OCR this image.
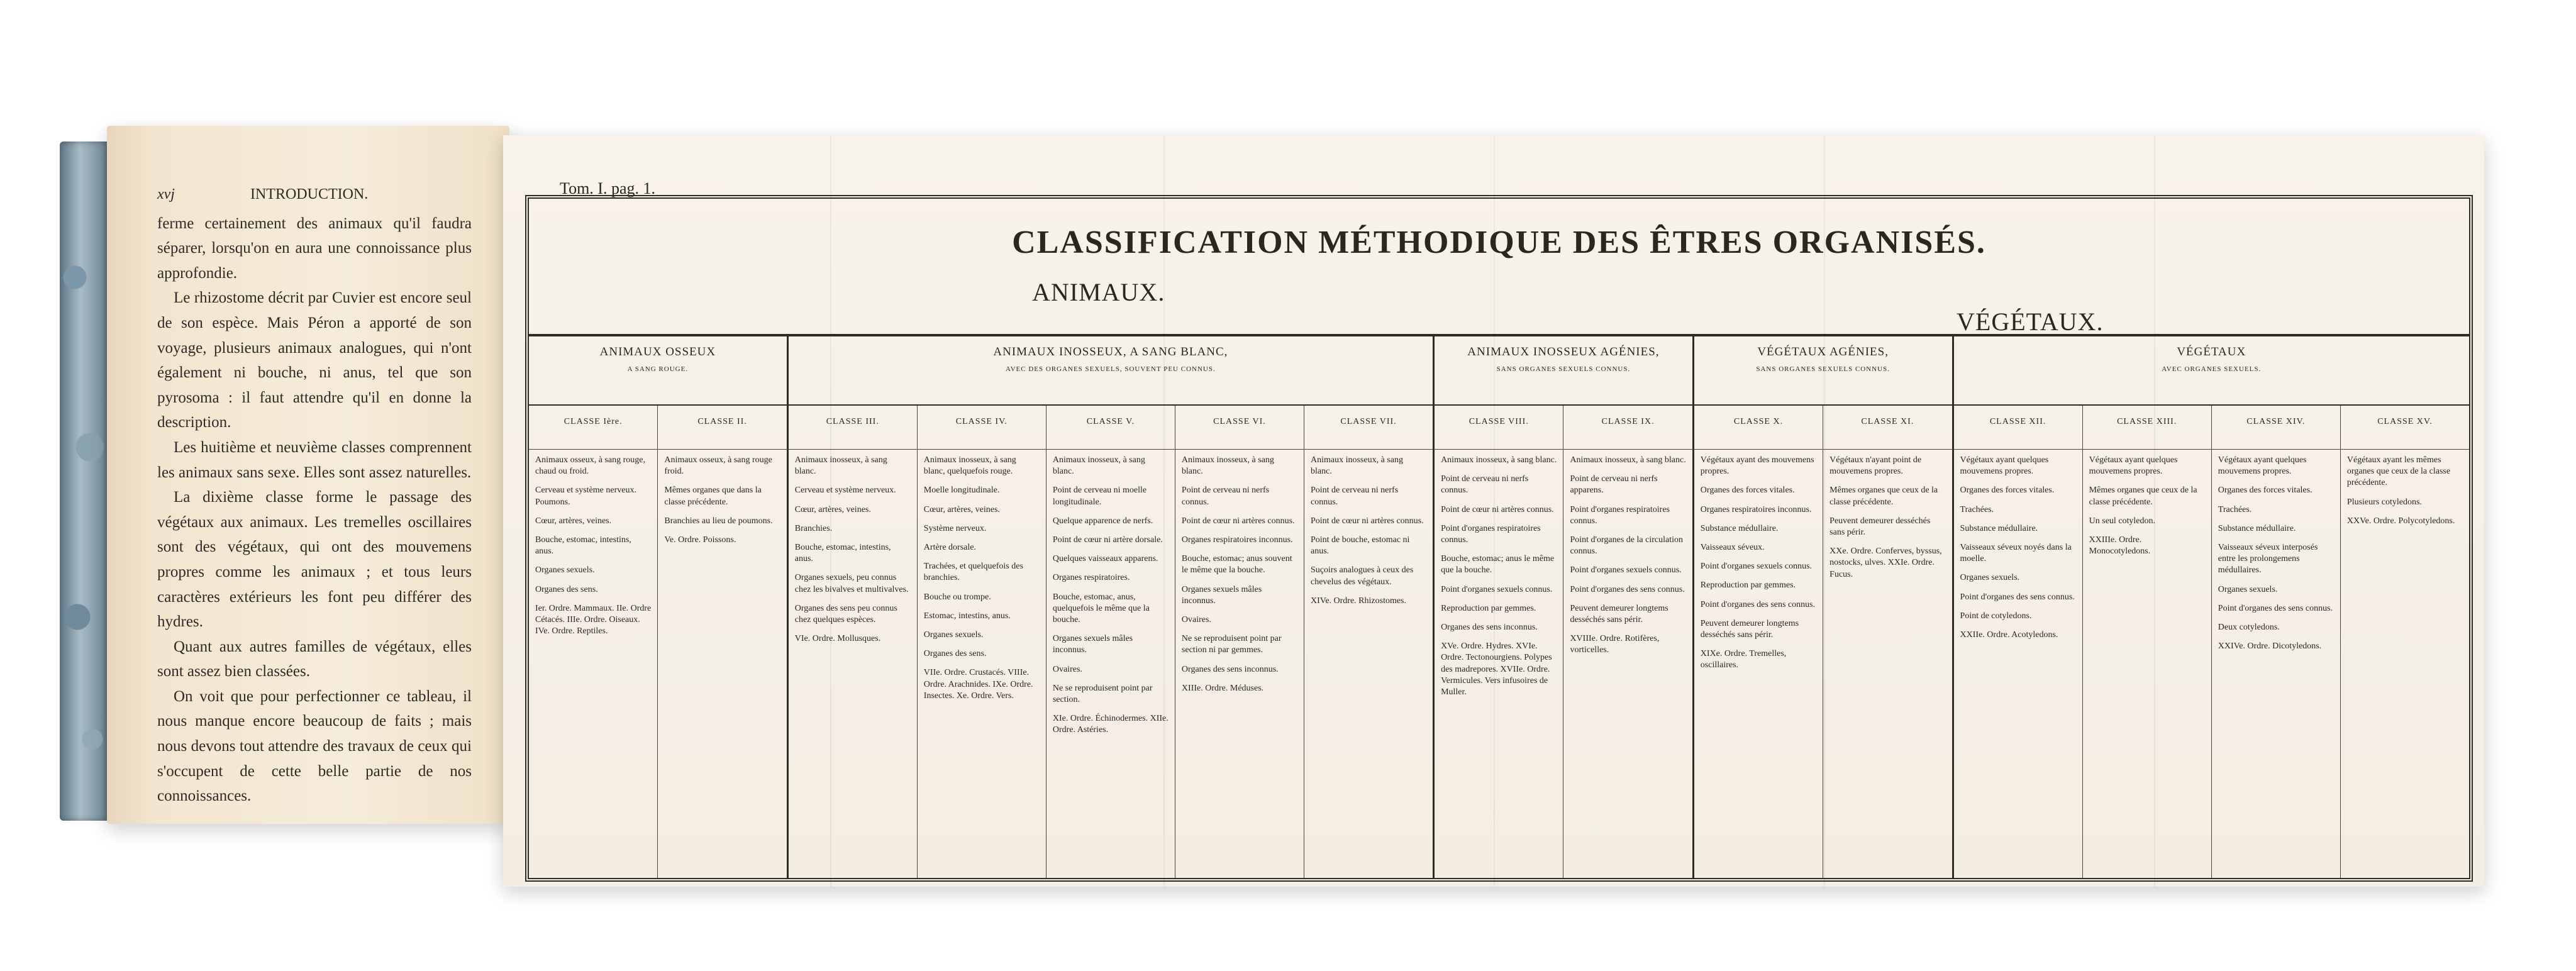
xvj	INTRODUCTION.

ferme certainement des animaux qu'il faudra séparer, lorsqu'on en aura une connoissance plus approfondie.

Le rhizostome décrit par Cuvier est encore seul de son espèce. Mais Péron a apporté de son voyage, plusieurs animaux analogues, qui n'ont également ni bouche, ni anus, tel que son pyrosoma : il faut attendre qu'il en donne la description.

Les huitième et neuvième classes comprennent les animaux sans sexe. Elles sont assez naturelles.

La dixième classe forme le passage des végétaux aux animaux. Les tremelles oscillaires sont des végétaux, qui ont des mouvemens propres comme les animaux ; et tous leurs caractères extérieurs les font peu différer des hydres.

Quant aux autres familles de végétaux, elles sont assez bien classées.

On voit que pour perfectionner ce tableau, il nous manque encore beaucoup de faits ; mais nous devons tout attendre des travaux de ceux qui s'occupent de cette belle partie de nos connoissances.

Tom. I. pag. 1.
CLASSIFICATION MÉTHODIQUE DES ÊTRES ORGANISÉS.
ANIMAUX.
VÉGÉTAUX.
ANIMAUX OSSEUX
A SANG ROUGE.
CLASSE Ière.
Animaux osseux, à sang rouge, chaud ou froid.
Cerveau et système nerveux. Poumons.
Cœur, artères, veines.
Bouche, estomac, intestins, anus.
Organes sexuels.
Organes des sens.
Ier. Ordre. Mammaux. IIe. Ordre Cétacés. IIIe. Ordre. Oiseaux. IVe. Ordre. Reptiles.
CLASSE II.
Animaux osseux, à sang rouge froid.
Mêmes organes que dans la classe précédente.
Branchies au lieu de poumons.
Ve. Ordre. Poissons.
ANIMAUX INOSSEUX, A SANG BLANC,
AVEC DES ORGANES SEXUELS, SOUVENT PEU CONNUS.
CLASSE III.
Animaux inosseux, à sang blanc.
Cerveau et système nerveux.
Cœur, artères, veines.
Branchies.
Bouche, estomac, intestins, anus.
Organes sexuels, peu connus chez les bivalves et multivalves.
Organes des sens peu connus chez quelques espèces.
VIe. Ordre. Mollusques.
CLASSE IV.
Animaux inosseux, à sang blanc, quelquefois rouge.
Moelle longitudinale.
Cœur, artères, veines.
Système nerveux.
Artère dorsale.
Trachées, et quelquefois des branchies.
Bouche ou trompe.
Estomac, intestins, anus.
Organes sexuels.
Organes des sens.
VIIe. Ordre. Crustacés. VIIIe. Ordre. Arachnides. IXe. Ordre. Insectes. Xe. Ordre. Vers.
CLASSE V.
Animaux inosseux, à sang blanc.
Point de cerveau ni moelle longitudinale.
Quelque apparence de nerfs.
Point de cœur ni artère dorsale.
Quelques vaisseaux apparens.
Organes respiratoires.
Bouche, estomac, anus, quelquefois le même que la bouche.
Organes sexuels mâles inconnus.
Ovaires.
Ne se reproduisent point par section.
XIe. Ordre. Échinodermes. XIIe. Ordre. Astéries.
CLASSE VI.
Animaux inosseux, à sang blanc.
Point de cerveau ni nerfs connus.
Point de cœur ni artères connus.
Organes respiratoires inconnus.
Bouche, estomac; anus souvent le même que la bouche.
Organes sexuels mâles inconnus.
Ovaires.
Ne se reproduisent point par section ni par gemmes.
Organes des sens inconnus.
XIIIe. Ordre. Méduses.
CLASSE VII.
Animaux inosseux, à sang blanc.
Point de cerveau ni nerfs connus.
Point de cœur ni artères connus.
Point de bouche, estomac ni anus.
Suçoirs analogues à ceux des chevelus des végétaux.
XIVe. Ordre. Rhizostomes.
ANIMAUX INOSSEUX AGÉNIES,
SANS ORGANES SEXUELS CONNUS.
CLASSE VIII.
Animaux inosseux, à sang blanc.
Point de cerveau ni nerfs connus.
Point de cœur ni artères connus.
Point d'organes respiratoires connus.
Bouche, estomac; anus le même que la bouche.
Point d'organes sexuels connus.
Reproduction par gemmes.
Organes des sens inconnus.
XVe. Ordre. Hydres. XVIe. Ordre. Tectonourgiens. Polypes des madrepores. XVIIe. Ordre. Vermicules. Vers infusoires de Muller.
CLASSE IX.
Animaux inosseux, à sang blanc.
Point de cerveau ni nerfs apparens.
Point d'organes respiratoires connus.
Point d'organes de la circulation connus.
Point d'organes sexuels connus.
Point d'organes des sens connus.
Peuvent demeurer longtems desséchés sans périr.
XVIIIe. Ordre. Rotifères, vorticelles.
VÉGÉTAUX AGÉNIES,
SANS ORGANES SEXUELS CONNUS.
CLASSE X.
Végétaux ayant des mouvemens propres.
Organes des forces vitales.
Organes respiratoires inconnus.
Substance médullaire.
Vaisseaux séveux.
Point d'organes sexuels connus.
Reproduction par gemmes.
Point d'organes des sens connus.
Peuvent demeurer longtems desséchés sans périr.
XIXe. Ordre. Tremelles, oscillaires.
CLASSE XI.
Végétaux n'ayant point de mouvemens propres.
Mêmes organes que ceux de la classe précédente.
Peuvent demeurer desséchés sans périr.
XXe. Ordre. Conferves, byssus, nostocks, ulves. XXIe. Ordre. Fucus.
VÉGÉTAUX
AVEC ORGANES SEXUELS.
CLASSE XII.
Végétaux ayant quelques mouvemens propres.
Organes des forces vitales.
Trachées.
Substance médullaire.
Vaisseaux séveux noyés dans la moelle.
Organes sexuels.
Point d'organes des sens connus.
Point de cotyledons.
XXIIe. Ordre. Acotyledons.
CLASSE XIII.
Végétaux ayant quelques mouvemens propres.
Mêmes organes que ceux de la classe précédente.
Un seul cotyledon.
XXIIIe. Ordre. Monocotyledons.
CLASSE XIV.
Végétaux ayant quelques mouvemens propres.
Organes des forces vitales.
Trachées.
Substance médullaire.
Vaisseaux séveux interposés entre les prolongemens médullaires.
Organes sexuels.
Point d'organes des sens connus.
Deux cotyledons.
XXIVe. Ordre. Dicotyledons.
CLASSE XV.
Végétaux ayant les mêmes organes que ceux de la classe précédente.
Plusieurs cotyledons.
XXVe. Ordre. Polycotyledons.
